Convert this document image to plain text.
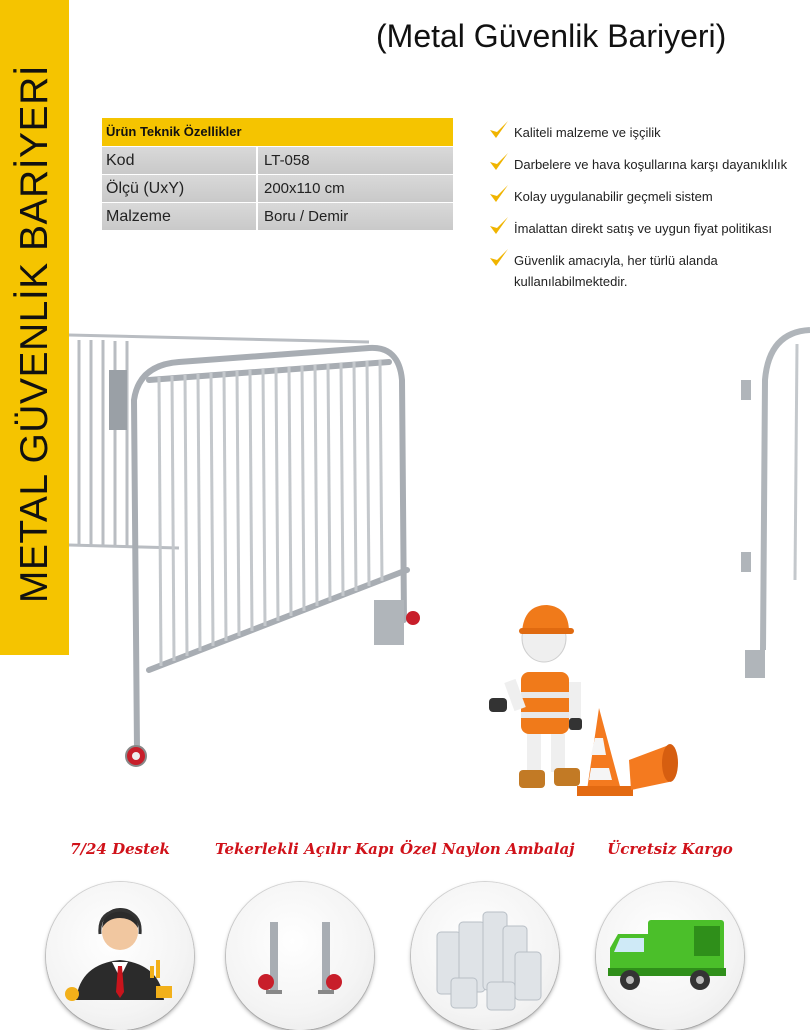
METAL GÜVENLİK BARİYERİ
(Metal Güvenlik Bariyeri)
Ürün Teknik Özellikler
Kod	LT-058
Ölçü (UxY)	200x110 cm
Malzeme	Boru / Demir
Kaliteli malzeme ve işçilik
Darbelere ve hava koşullarına karşı dayanıklılık
Kolay uygulanabilir geçmeli sistem
İmalattan direkt satış ve uygun fiyat politikası
Güvenlik amacıyla, her türlü alanda kullanılabilmektedir.
7/24 Destek	Tekerlekli Açılır Kapı Özel Naylon Ambalaj	Ücretsiz Kargo
